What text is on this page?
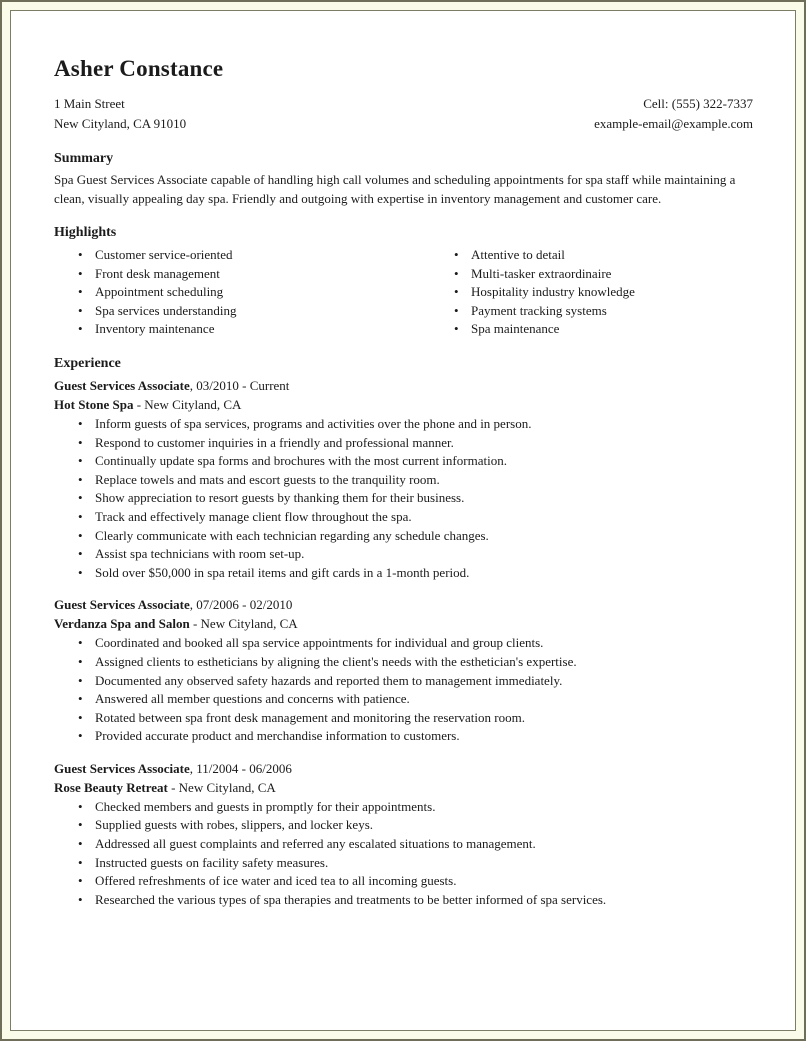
Asher Constance
1 Main Street
New Cityland, CA 91010
Cell: (555) 322-7337
example-email@example.com
Summary

Spa Guest Services Associate capable of handling high call volumes and scheduling appointments for spa staff while maintaining a clean, visually appealing day spa. Friendly and outgoing with expertise in inventory management and customer care.

Highlights
• Customer service-oriented
• Front desk management
• Appointment scheduling
• Spa services understanding
• Inventory maintenance
• Attentive to detail
• Multi-tasker extraordinaire
• Hospitality industry knowledge
• Payment tracking systems
• Spa maintenance
Experience
Guest Services Associate, 03/2010 - Current
Hot Stone Spa - New Cityland, CA
• Inform guests of spa services, programs and activities over the phone and in person.
• Respond to customer inquiries in a friendly and professional manner.
• Continually update spa forms and brochures with the most current information.
• Replace towels and mats and escort guests to the tranquility room.
• Show appreciation to resort guests by thanking them for their business.
• Track and effectively manage client flow throughout the spa.
• Clearly communicate with each technician regarding any schedule changes.
• Assist spa technicians with room set-up.
• Sold over $50,000 in spa retail items and gift cards in a 1-month period.
Guest Services Associate, 07/2006 - 02/2010
Verdanza Spa and Salon - New Cityland, CA
• Coordinated and booked all spa service appointments for individual and group clients.
• Assigned clients to estheticians by aligning the client's needs with the esthetician's expertise.
• Documented any observed safety hazards and reported them to management immediately.
• Answered all member questions and concerns with patience.
• Rotated between spa front desk management and monitoring the reservation room.
• Provided accurate product and merchandise information to customers.
Guest Services Associate, 11/2004 - 06/2006
Rose Beauty Retreat - New Cityland, CA
• Checked members and guests in promptly for their appointments.
• Supplied guests with robes, slippers, and locker keys.
• Addressed all guest complaints and referred any escalated situations to management.
• Instructed guests on facility safety measures.
• Offered refreshments of ice water and iced tea to all incoming guests.
• Researched the various types of spa therapies and treatments to be better informed of spa services.
